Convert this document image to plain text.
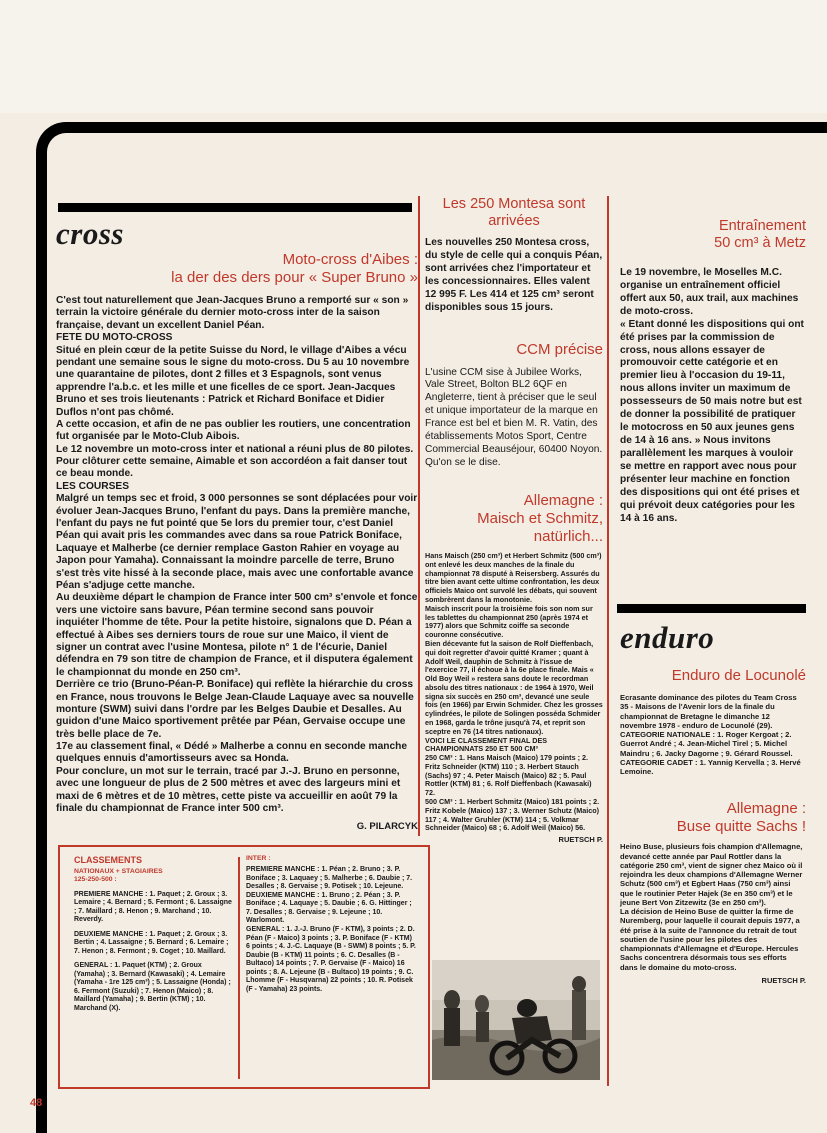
cross

Moto-cross d'Aibes :

la der des ders pour « Super Bruno »

C'est tout naturellement que Jean-Jacques Bruno a remporté sur « son » terrain la victoire générale du dernier moto-cross inter de la saison française, devant un excellent Daniel Péan.

FETE DU MOTO-CROSS

Situé en plein cœur de la petite Suisse du Nord, le village d'Aibes a vécu pendant une semaine sous le signe du moto-cross. Du 5 au 10 novembre une quarantaine de pilotes, dont 2 filles et 3 Espagnols, sont venus apprendre l'a.b.c. et les mille et une ficelles de ce sport. Jean-Jacques Bruno et ses trois lieutenants : Patrick et Richard Boniface et Didier Duflos n'ont pas chômé.

A cette occasion, et afin de ne pas oublier les routiers, une concentration fut organisée par le Moto-Club Aibois.

Le 12 novembre un moto-cross inter et national a réuni plus de 80 pilotes. Pour clôturer cette semaine, Aimable et son accordéon a fait danser tout ce beau monde.

LES COURSES

Malgré un temps sec et froid, 3 000 personnes se sont déplacées pour voir évoluer Jean-Jacques Bruno, l'enfant du pays. Dans la première manche, l'enfant du pays ne fut pointé que 5e lors du premier tour, c'est Daniel Péan qui avait pris les commandes avec dans sa roue Patrick Boniface, Laquaye et Malherbe (ce dernier remplace Gaston Rahier en voyage au Japon pour Yamaha). Connaissant la moindre parcelle de terre, Bruno s'est très vite hissé à la seconde place, mais avec une confortable avance Péan s'adjuge cette manche.

Au deuxième départ le champion de France inter 500 cm³ s'envole et fonce vers une victoire sans bavure, Péan termine second sans pouvoir inquiéter l'homme de tête. Pour la petite histoire, signalons que D. Péan a effectué à Aibes ses derniers tours de roue sur une Maico, il vient de signer un contrat avec l'usine Montesa, pilote n° 1 de l'écurie, Daniel défendra en 79 son titre de champion de France, et il disputera également le championnat du monde en 250 cm³.

Derrière ce trio (Bruno-Péan-P. Boniface) qui reflète la hiérarchie du cross en France, nous trouvons le Belge Jean-Claude Laquaye avec sa nouvelle monture (SWM) suivi dans l'ordre par les Belges Daubie et Desalles. Au guidon d'une Maico sportivement prêtée par Péan, Gervaise occupe une très belle place de 7e.

17e au classement final, « Dédé » Malherbe a connu en seconde manche quelques ennuis d'amortisseurs avec sa Honda.

Pour conclure, un mot sur le terrain, tracé par J.-J. Bruno en personne, avec une longueur de plus de 2 500 mètres et avec des largeurs mini et maxi de 6 mètres et de 10 mètres, cette piste va accueillir en août 79 la finale du championnat de France inter 500 cm³.

G. PILARCYK

CLASSEMENTS

NATIONAUX + STAGIAIRES

125-250-500 :

PREMIERE MANCHE : 1. Paquet ; 2. Groux ; 3. Lemaire ; 4. Bernard ; 5. Fermont ; 6. Lassaigne ; 7. Maillard ; 8. Henon ; 9. Marchand ; 10. Reverdy.

DEUXIEME MANCHE : 1. Paquet ; 2. Groux ; 3. Bertin ; 4. Lassaigne ; 5. Bernard ; 6. Lemaire ; 7. Henon ; 8. Fermont ; 9. Coget ; 10. Maillard.

GENERAL : 1. Paquet (KTM) ; 2. Groux (Yamaha) ; 3. Bernard (Kawasaki) ; 4. Lemaire (Yamaha - 1re 125 cm³) ; 5. Lassaigne (Honda) ; 6. Fermont (Suzuki) ; 7. Henon (Maico) ; 8. Maillard (Yamaha) ; 9. Bertin (KTM) ; 10. Marchand (X).

INTER :

PREMIERE MANCHE : 1. Péan ; 2. Bruno ; 3. P. Boniface ; 3. Laquaey ; 5. Malherbe ; 6. Daubie ; 7. Desalles ; 8. Gervaise ; 9. Potisek ; 10. Lejeune.

DEUXIEME MANCHE : 1. Bruno ; 2. Péan ; 3. P. Boniface ; 4. Laquaye ; 5. Daubie ; 6. G. Hittinger ; 7. Desalles ; 8. Gervaise ; 9. Lejeune ; 10. Warlomont.

GENERAL : 1. J.-J. Bruno (F - KTM), 3 points ; 2. D. Péan (F - Maico) 3 points ; 3. P. Boniface (F - KTM) 6 points ; 4. J.-C. Laquaye (B - SWM) 8 points ; 5. P. Daubie (B - KTM) 11 points ; 6. C. Desalles (B - Bultaco) 14 points ; 7. P. Gervaise (F - Maico) 16 points ; 8. A. Lejeune (B - Bultaco) 19 points ; 9. C. Lhomme (F - Husqvarna) 22 points ; 10. R. Potisek (F - Yamaha) 23 points.

Les 250 Montesa sont

arrivées

Les nouvelles 250 Montesa cross, du style de celle qui a conquis Péan, sont arrivées chez l'importateur et les concessionnaires. Elles valent 12 995 F. Les 414 et 125 cm³ seront disponibles sous 15 jours.

CCM précise

L'usine CCM sise à Jubilee Works, Vale Street, Bolton BL2 6QF en Angleterre, tient à préciser que le seul et unique importateur de la marque en France est bel et bien M. R. Vatin, des établissements Motos Sport, Centre Commercial Beauséjour, 60400 Noyon. Qu'on se le dise.

Allemagne :

Maisch et Schmitz,

natürlich...

Hans Maisch (250 cm³) et Herbert Schmitz (500 cm³) ont enlevé les deux manches de la finale du championnat 78 disputé à Reisersberg. Assurés du titre bien avant cette ultime confrontation, les deux officiels Maico ont survolé les débats, qui souvent sombrèrent dans la monotonie.

Maisch inscrit pour la troisième fois son nom sur les tablettes du championnat 250 (après 1974 et 1977) alors que Schmitz coiffe sa seconde couronne consécutive.

Bien décevante fut la saison de Rolf Dieffenbach, qui doit regretter d'avoir quitté Kramer ; quant à Adolf Weil, dauphin de Schmitz à l'issue de l'exercice 77, il échoue à la 6e place finale. Mais « Old Boy Weil » restera sans doute le recordman absolu des titres nationaux : de 1964 à 1970, Weil signa six succès en 250 cm³, devancé une seule fois (en 1966) par Erwin Schmider. Chez les grosses cylindrées, le pilote de Solingen posséda Schmider en 1968, garda le trône jusqu'à 74, et reprit son sceptre en 76 (14 titres nationaux).

VOICI LE CLASSEMENT FINAL DES CHAMPIONNATS 250 ET 500 CM³

250 CM³ : 1. Hans Maisch (Maico) 179 points ; 2. Fritz Schneider (KTM) 110 ; 3. Herbert Stauch (Sachs) 97 ; 4. Peter Maisch (Maico) 82 ; 5. Paul Rottler (KTM) 81 ; 6. Rolf Dieffenbach (Kawasaki) 72.

500 CM³ : 1. Herbert Schmitz (Maico) 181 points ; 2. Fritz Kobele (Maico) 137 ; 3. Werner Schutz (Maico) 117 ; 4. Walter Gruhler (KTM) 114 ; 5. Volkmar Schneider (Maico) 68 ; 6. Adolf Weil (Maico) 56.

RUETSCH P.

Entraînement

50 cm³ à Metz

Le 19 novembre, le Moselles M.C. organise un entraînement officiel offert aux 50, aux trail, aux machines de moto-cross.

« Etant donné les dispositions qui ont été prises par la commission de cross, nous allons essayer de promouvoir cette catégorie et en premier lieu à l'occasion du 19-11, nous allons inviter un maximum de possesseurs de 50 mais notre but est de donner la possibilité de pratiquer le motocross en 50 aux jeunes gens de 14 à 16 ans. » Nous invitons parallèlement les marques à vouloir se mettre en rapport avec nous pour présenter leur machine en fonction des dispositions qui ont été prises et qui prévoit deux catégories pour les 14 à 16 ans.

enduro

Enduro de Locunolé

Ecrasante dominance des pilotes du Team Cross 35 - Maisons de l'Avenir lors de la finale du championnat de Bretagne le dimanche 12 novembre 1978 - enduro de Locunolé (29). CATEGORIE NATIONALE : 1. Roger Kergoat ; 2. Guerrot André ; 4. Jean-Michel Tirel ; 5. Michel Maindru ; 6. Jacky Dagorne ; 9. Gérard Roussel. CATEGORIE CADET : 1. Yannig Kervella ; 3. Hervé Lemoine.

Allemagne :

Buse quitte Sachs !

Heino Buse, plusieurs fois champion d'Allemagne, devancé cette année par Paul Rottler dans la catégorie 250 cm³, vient de signer chez Maico où il rejoindra les deux champions d'Allemagne Werner Schutz (500 cm³) et Egbert Haas (750 cm³) ainsi que le routinier Peter Hajek (3e en 350 cm³) et le jeune Bert Von Zitzewitz (3e en 250 cm³).

La décision de Heino Buse de quitter la firme de Nuremberg, pour laquelle il courait depuis 1977, a été prise à la suite de l'annonce du retrait de tout soutien de l'usine pour les pilotes des championnats d'Allemagne et d'Europe. Hercules Sachs concentrera désormais tous ses efforts dans le domaine du moto-cross.

RUETSCH P.

48
